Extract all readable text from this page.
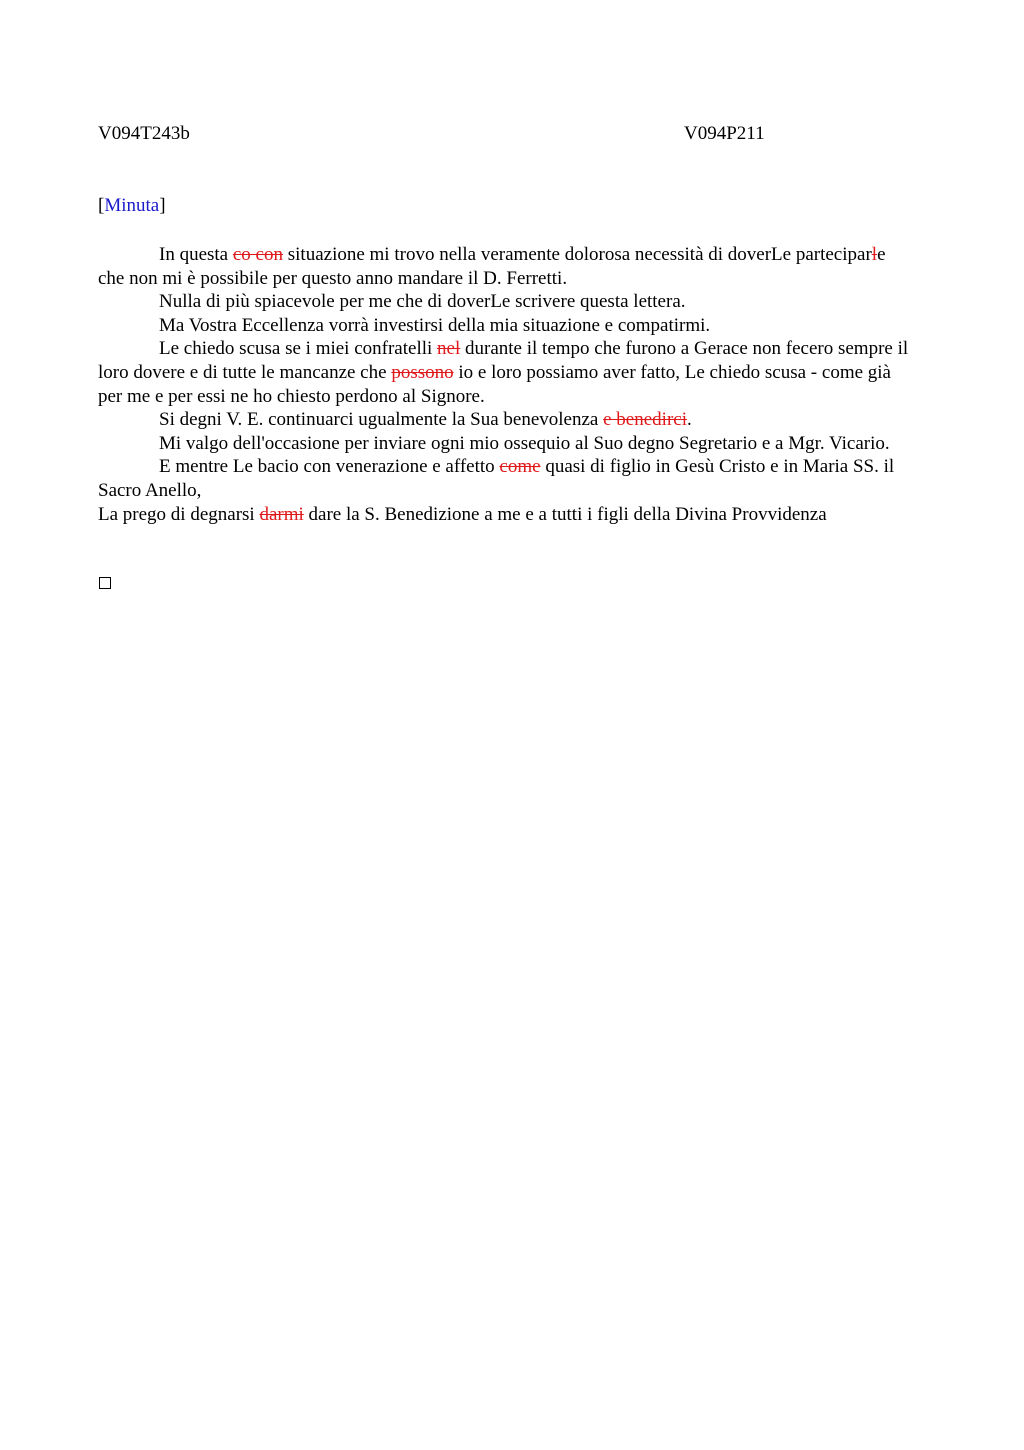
V094T243b	V094P211
[Minuta]

In questa co con situazione mi trovo nella veramente dolorosa necessità di doverLe parteciparle che non mi è possibile per questo anno mandare il D. Ferretti.

Nulla di più spiacevole per me che di doverLe scrivere questa lettera.

Ma Vostra Eccellenza vorrà investirsi della mia situazione e compatirmi.

Le chiedo scusa se i miei confratelli nel durante il tempo che furono a Gerace non fecero sempre il loro dovere e di tutte le mancanze che possono io e loro possiamo aver fatto, Le chiedo scusa - come già per me e per essi ne ho chiesto perdono al Signore.

Si degni V. E. continuarci ugualmente la Sua benevolenza e benedirci.

Mi valgo dell'occasione per inviare ogni mio ossequio al Suo degno Segretario e a Mgr. Vicario.

E mentre Le bacio con venerazione e affetto come quasi di figlio in Gesù Cristo e in Maria SS. il Sacro Anello,

La prego di degnarsi darmi dare la S. Benedizione a me e a tutti i figli della Divina Provvidenza
